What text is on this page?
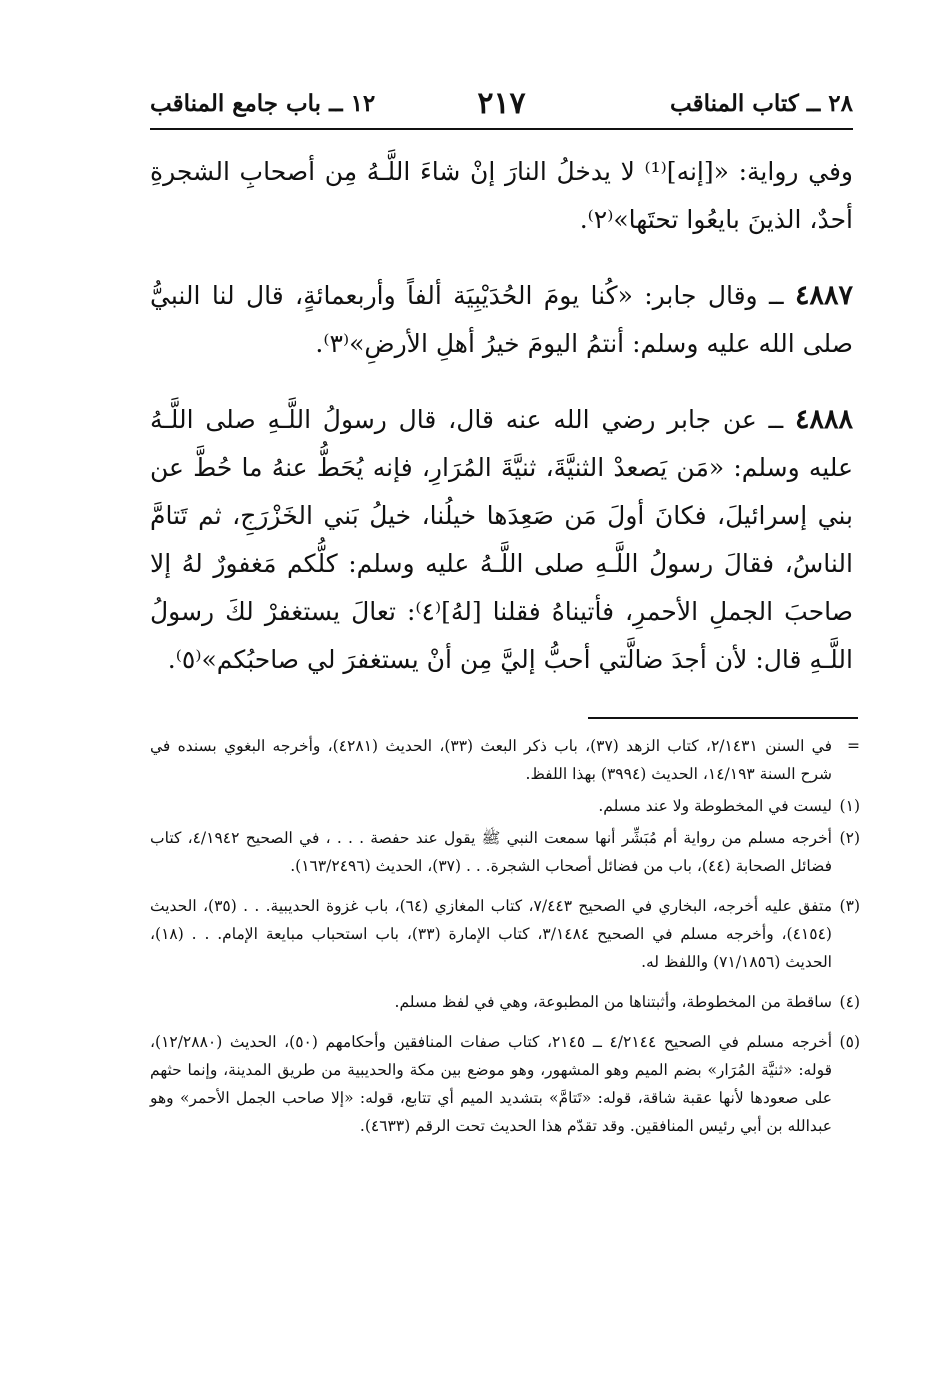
٢٨ ــ كتاب المناقب
٢١٧
١٢ ــ باب جامع المناقب

وفي رواية: «[إنه]⁽¹⁾ لا يدخلُ النارَ إنْ شاءَ اللَّـهُ مِن أصحابِ الشجرةِ أحدٌ، الذينَ بايعُوا تحتَها»⁽٢⁾.

٤٨٨٧ ــ وقال جابر: «كُنا يومَ الحُدَيْبِيَة ألفاً وأربعمائةٍ، قال لنا النبيُّ صلى الله عليه وسلم: أنتمُ اليومَ خيرُ أهلِ الأرضِ»⁽٣⁾.

٤٨٨٨ ــ عن جابر رضي الله عنه قال، قال رسولُ اللَّـهِ صلى اللَّـهُ عليه وسلم: «مَن يَصعدْ الثنيَّةَ، ثنيَّةَ المُرَارِ، فإنه يُحَطُّ عنهُ ما حُطَّ عن بني إسرائيلَ، فكانَ أولَ مَن صَعِدَها خيلُنا، خيلُ بَني الخَزْرَجِ، ثم تَتامَّ الناسُ، فقالَ رسولُ اللَّـهِ صلى اللَّـهُ عليه وسلم: كلُّكم مَغفورٌ لهُ إلا صاحبَ الجملِ الأحمرِ، فأتيناهُ فقلنا [لهُ]⁽٤⁾: تعالَ يستغفرْ لكَ رسولُ اللَّـهِ قال: لأن أجدَ ضالَّتي أحبُّ إليَّ مِن أنْ يستغفرَ لي صاحبُكم»⁽٥⁾.

=
في السنن ٢/١٤٣١، كتاب الزهد (٣٧)، باب ذكر البعث (٣٣)، الحديث (٤٢٨١)، وأخرجه البغوي بسنده في شرح السنة ١٤/١٩٣، الحديث (٣٩٩٤) بهذا اللفظ.
(١)
ليست في المخطوطة ولا عند مسلم.
(٢)
أخرجه مسلم من رواية أم مُبَشِّر أنها سمعت النبي ﷺ يقول عند حفصة . . . ، في الصحيح ٤/١٩٤٢، كتاب فضائل الصحابة (٤٤)، باب من فضائل أصحاب الشجرة. . . (٣٧)، الحديث (١٦٣/٢٤٩٦).
(٣)
متفق عليه أخرجه، البخاري في الصحيح ٧/٤٤٣، كتاب المغازي (٦٤)، باب غزوة الحديبية. . . (٣٥)، الحديث (٤١٥٤)، وأخرجه مسلم في الصحيح ٣/١٤٨٤، كتاب الإمارة (٣٣)، باب استحباب مبايعة الإمام. . . (١٨)، الحديث (٧١/١٨٥٦) واللفظ له.
(٤)
ساقطة من المخطوطة، وأثبتناها من المطبوعة، وهي في لفظ مسلم.
(٥)
أخرجه مسلم في الصحيح ٤/٢١٤٤ ــ ٢١٤٥، كتاب صفات المنافقين وأحكامهم (٥٠)، الحديث (١٢/٢٨٨٠)، قوله: «ثنيَّة المُرَار» بضم الميم وهو المشهور، وهو موضع بين مكة والحديبية من طريق المدينة، وإنما حثهم على صعودها لأنها عقبة شاقة، قوله: «تَتامَّ» بتشديد الميم أي تتابع، قوله: «إلا صاحب الجمل الأحمر» وهو عبدالله بن أبي رئيس المنافقين. وقد تقدّم هذا الحديث تحت الرقم (٤٦٣٣).
